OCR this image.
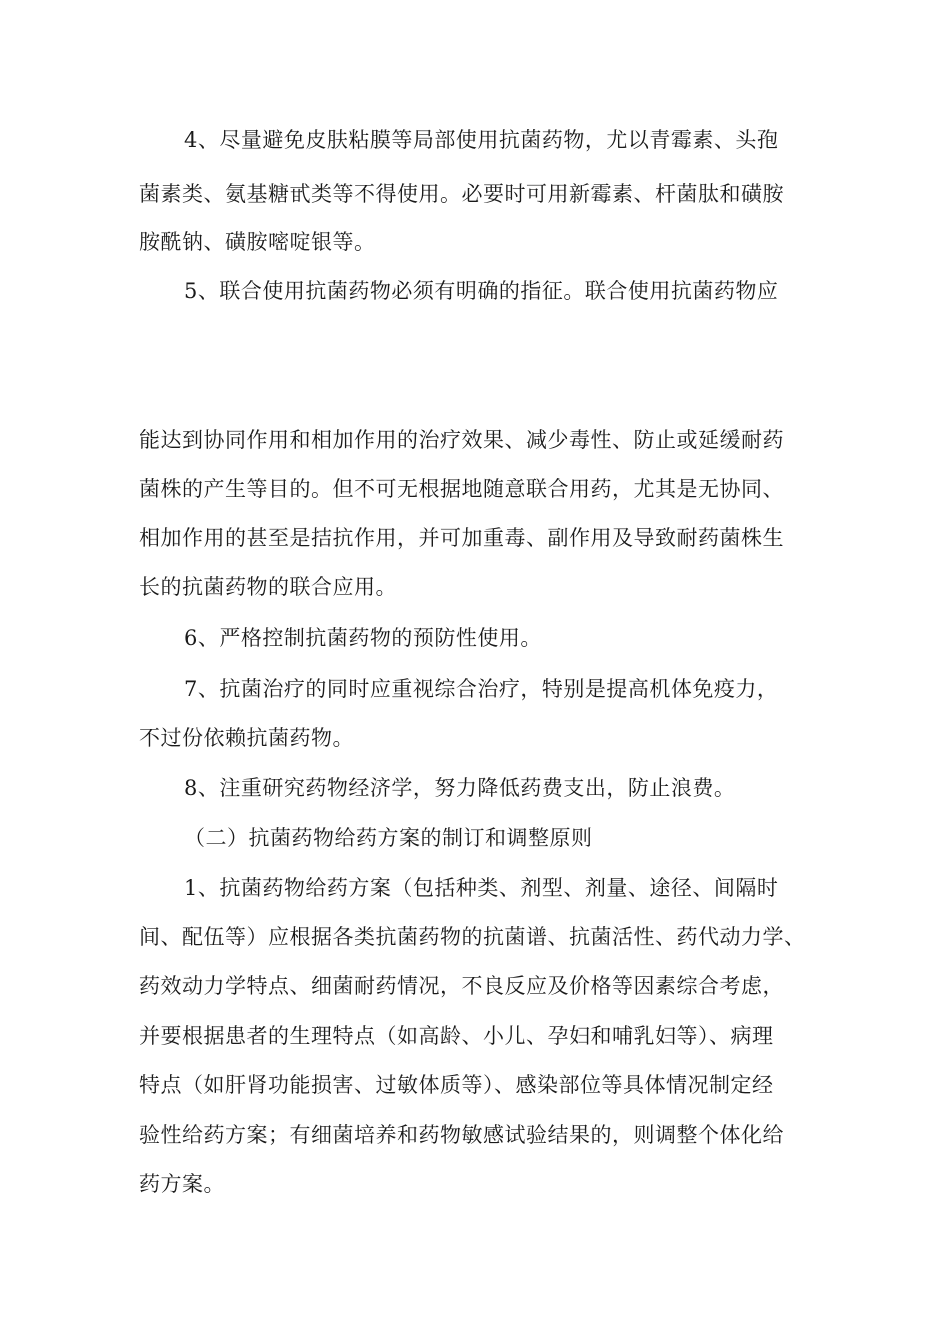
4、尽量避免皮肤粘膜等局部使用抗菌药物，尤以青霉素、头孢
菌素类、氨基糖甙类等不得使用。必要时可用新霉素、杆菌肽和磺胺
胺酰钠、磺胺嘧啶银等。
5、联合使用抗菌药物必须有明确的指征。联合使用抗菌药物应
能达到协同作用和相加作用的治疗效果、减少毒性、防止或延缓耐药
菌株的产生等目的。但不可无根据地随意联合用药，尤其是无协同、
相加作用的甚至是拮抗作用，并可加重毒、副作用及导致耐药菌株生
长的抗菌药物的联合应用。
6、严格控制抗菌药物的预防性使用。
7、抗菌治疗的同时应重视综合治疗，特别是提高机体免疫力，
不过份依赖抗菌药物。
8、注重研究药物经济学，努力降低药费支出，防止浪费。
（二）抗菌药物给药方案的制订和调整原则
1、抗菌药物给药方案（包括种类、剂型、剂量、途径、间隔时
间、配伍等）应根据各类抗菌药物的抗菌谱、抗菌活性、药代动力学、
药效动力学特点、细菌耐药情况，不良反应及价格等因素综合考虑，
并要根据患者的生理特点（如高龄、小儿、孕妇和哺乳妇等）、病理
特点（如肝肾功能损害、过敏体质等）、感染部位等具体情况制定经
验性给药方案；有细菌培养和药物敏感试验结果的，则调整个体化给
药方案。
